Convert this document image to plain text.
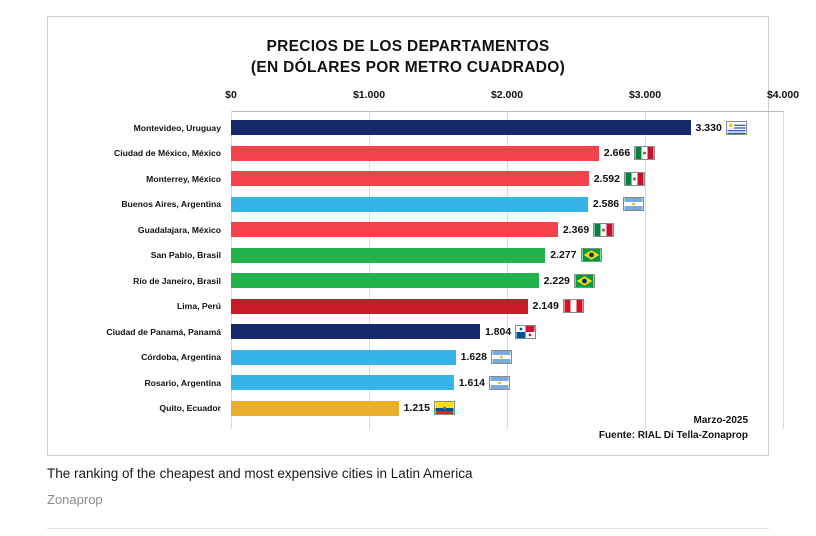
PRECIOS DE LOS DEPARTAMENTOS
(EN DÓLARES POR METRO CUADRADO)
$0	$1.000	$2.000	$3.000	$4.000
Montevideo, Uruguay	3.330
Ciudad de México, México	2.666
Monterrey, México	2.592
Buenos Aires, Argentina	2.586
Guadalajara, México	2.369
San Pablo, Brasil	2.277
Río de Janeiro, Brasil	2.229
Lima, Perú	2.149
Ciudad de Panamá, Panamá	1.804
Córdoba, Argentina	1.628
Rosario, Argentina	1.614
Quito, Ecuador	1.215
Marzo-2025
Fuente: RIAL Di Tella-Zonaprop
The ranking of the cheapest and most expensive cities in Latin America
Zonaprop
